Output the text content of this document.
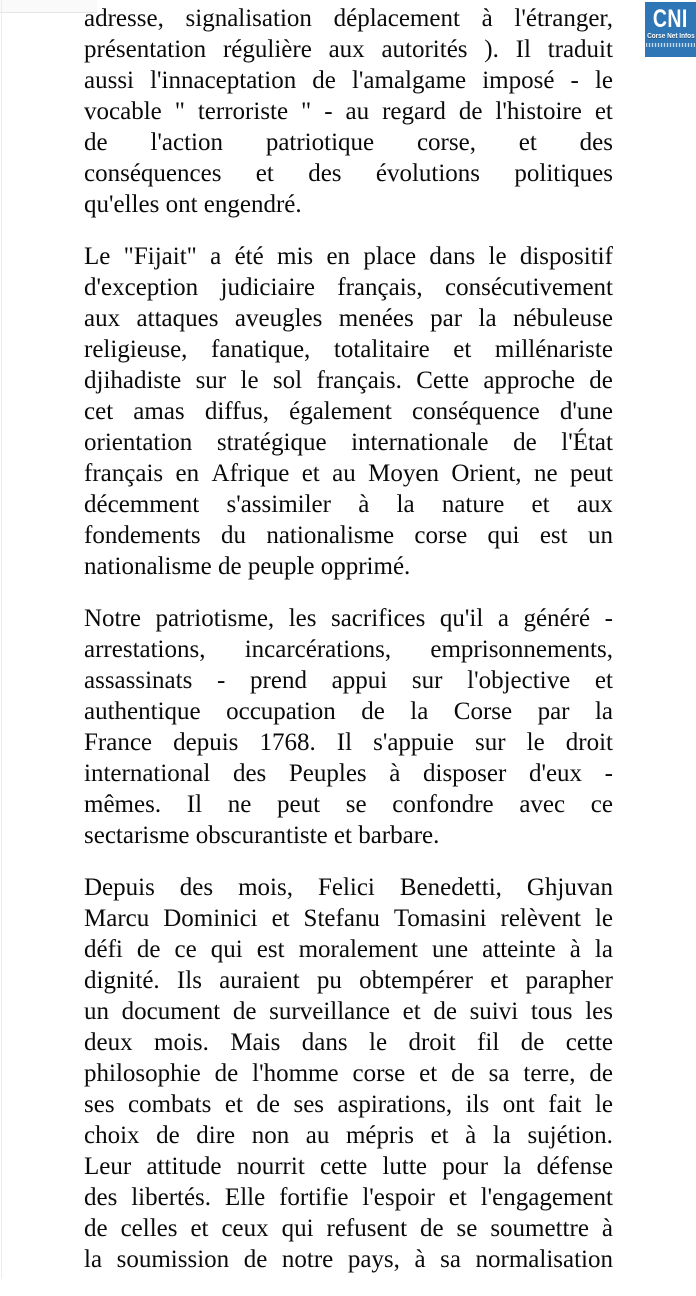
adresse, signalisation déplacement à l'étranger,
présentation régulière aux autorités ). Il traduit
aussi l'innaceptation de l'amalgame imposé - le
vocable " terroriste " - au regard de l'histoire et
de l'action patriotique corse, et des
conséquences et des évolutions politiques
qu'elles ont engendré.
Le "Fijait" a été mis en place dans le dispositif
d'exception judiciaire français, consécutivement
aux attaques aveugles menées par la nébuleuse
religieuse, fanatique, totalitaire et millénariste
djihadiste sur le sol français. Cette approche de
cet amas diffus, également conséquence d'une
orientation stratégique internationale de l'État
français en Afrique et au Moyen Orient, ne peut
décemment s'assimiler à la nature et aux
fondements du nationalisme corse qui est un
nationalisme de peuple opprimé.
Notre patriotisme, les sacrifices qu'il a généré -
arrestations, incarcérations, emprisonnements,
assassinats - prend appui sur l'objective et
authentique occupation de la Corse par la
France depuis 1768. Il s'appuie sur le droit
international des Peuples à disposer d'eux -
mêmes. Il ne peut se confondre avec ce
sectarisme obscurantiste et barbare.
Depuis des mois, Felici Benedetti, Ghjuvan
Marcu Dominici et Stefanu Tomasini relèvent le
défi de ce qui est moralement une atteinte à la
dignité. Ils auraient pu obtempérer et parapher
un document de surveillance et de suivi tous les
deux mois. Mais dans le droit fil de cette
philosophie de l'homme corse et de sa terre, de
ses combats et de ses aspirations, ils ont fait le
choix de dire non au mépris et à la sujétion.
Leur attitude nourrit cette lutte pour la défense
des libertés. Elle fortifie l'espoir et l'engagement
de celles et ceux qui refusent de se soumettre à
la soumission de notre pays, à sa normalisation
CNI
Corse Net Infos
